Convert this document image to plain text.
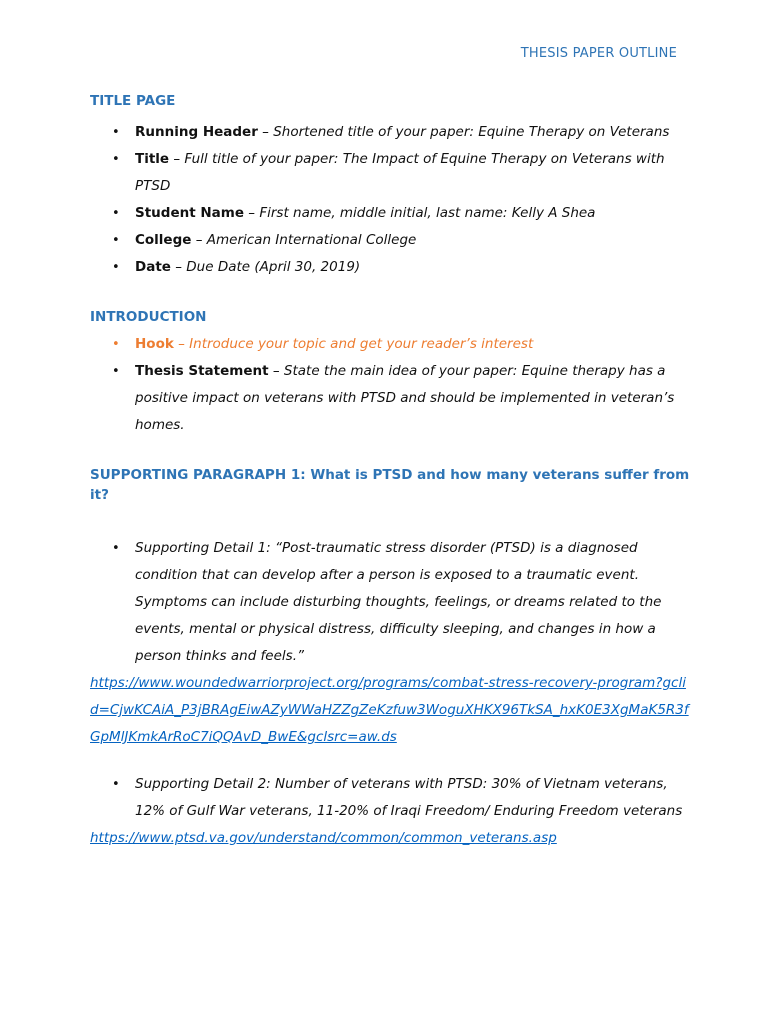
THESIS PAPER OUTLINE
TITLE PAGE
• Running Header – Shortened title of your paper: Equine Therapy on Veterans
• Title – Full title of your paper: The Impact of Equine Therapy on Veterans with PTSD
• Student Name – First name, middle initial, last name: Kelly A Shea
• College – American International College
• Date – Due Date (April 30, 2019)
INTRODUCTION
• Hook – Introduce your topic and get your reader’s interest
• Thesis Statement – State the main idea of your paper: Equine therapy has a positive impact on veterans with PTSD and should be implemented in veteran’s homes.
SUPPORTING PARAGRAPH 1: What is PTSD and how many veterans suffer from it?
• Supporting Detail 1: “Post-traumatic stress disorder (PTSD) is a diagnosed condition that can develop after a person is exposed to a traumatic event. Symptoms can include disturbing thoughts, feelings, or dreams related to the events, mental or physical distress, difficulty sleeping, and changes in how a person thinks and feels.”
https://www.woundedwarriorproject.org/programs/combat-stress-recovery-program?gclid=CjwKCAiA_P3jBRAgEiwAZyWWaHZZgZeKzfuw3WoguXHKX96TkSA_hxK0E3XgMaK5R3fGpMlJKmkArRoC7iQQAvD_BwE&gclsrc=aw.ds
• Supporting Detail 2: Number of veterans with PTSD: 30% of Vietnam veterans, 12% of Gulf War veterans, 11-20% of Iraqi Freedom/ Enduring Freedom veterans
https://www.ptsd.va.gov/understand/common/common_veterans.asp
